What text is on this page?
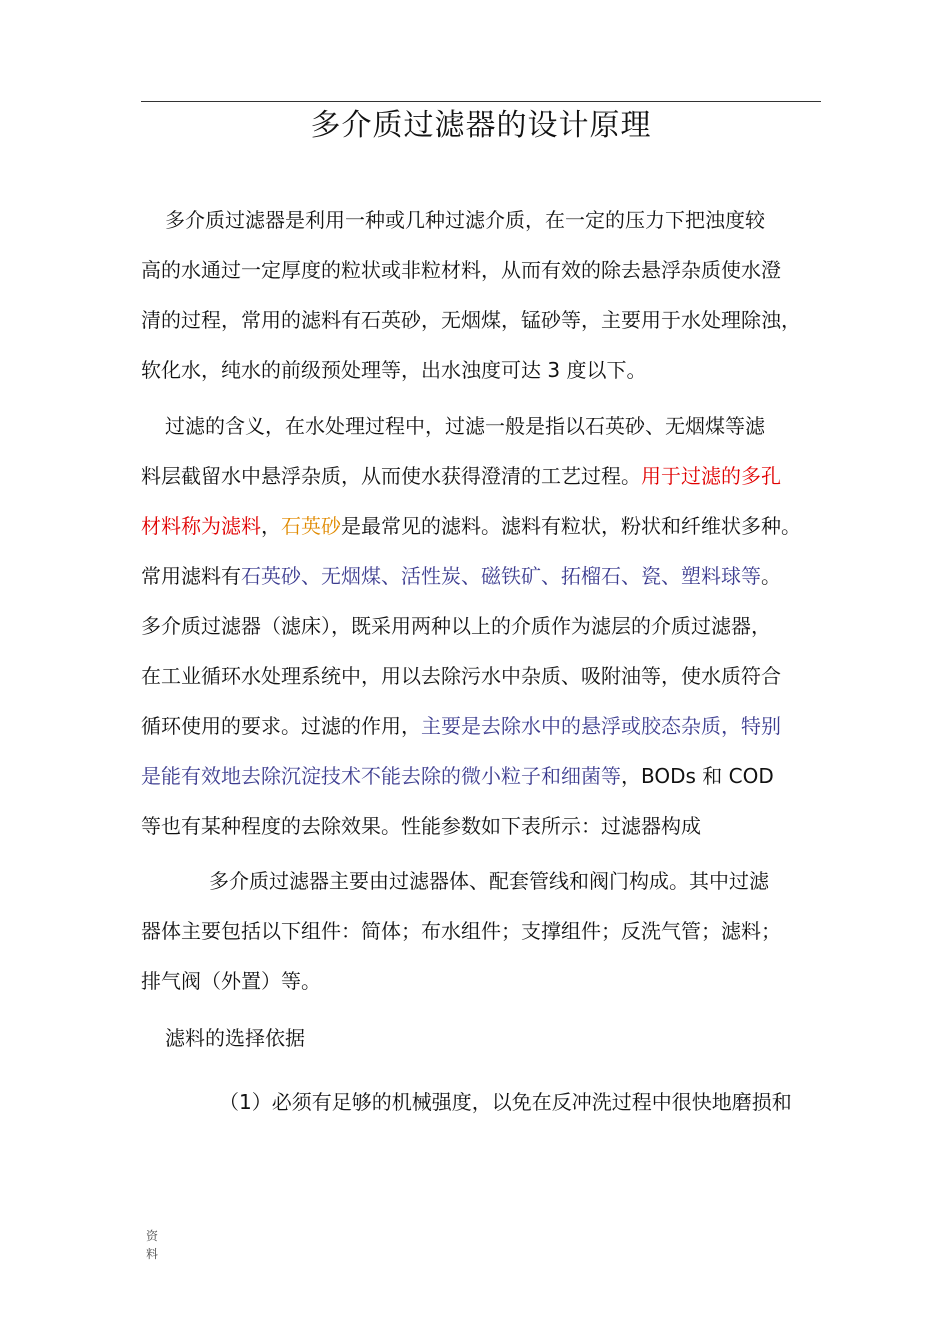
多介质过滤器的设计原理
多介质过滤器是利用一种或几种过滤介质，在一定的压力下把浊度较
高的水通过一定厚度的粒状或非粒材料，从而有效的除去悬浮杂质使水澄
清的过程，常用的滤料有石英砂，无烟煤，锰砂等，主要用于水处理除浊，
软化水，纯水的前级预处理等，出水浊度可达 3 度以下。
过滤的含义，在水处理过程中，过滤一般是指以石英砂、无烟煤等滤
料层截留水中悬浮杂质，从而使水获得澄清的工艺过程。用于过滤的多孔
材料称为滤料，石英砂是最常见的滤料。滤料有粒状，粉状和纤维状多种。
常用滤料有石英砂、无烟煤、活性炭、磁铁矿、拓榴石、瓷、塑料球等。
多介质过滤器（滤床），既采用两种以上的介质作为滤层的介质过滤器，
在工业循环水处理系统中，用以去除污水中杂质、吸附油等，使水质符合
循环使用的要求。过滤的作用，主要是去除水中的悬浮或胶态杂质，特别
是能有效地去除沉淀技术不能去除的微小粒子和细菌等，BODs 和 COD
等也有某种程度的去除效果。性能参数如下表所示：过滤器构成
多介质过滤器主要由过滤器体、配套管线和阀门构成。其中过滤
器体主要包括以下组件：简体；布水组件；支撑组件；反洗气管；滤料；
排气阀（外置）等。
滤料的选择依据
（1）必须有足够的机械强度，以免在反冲洗过程中很快地磨损和
资
料
